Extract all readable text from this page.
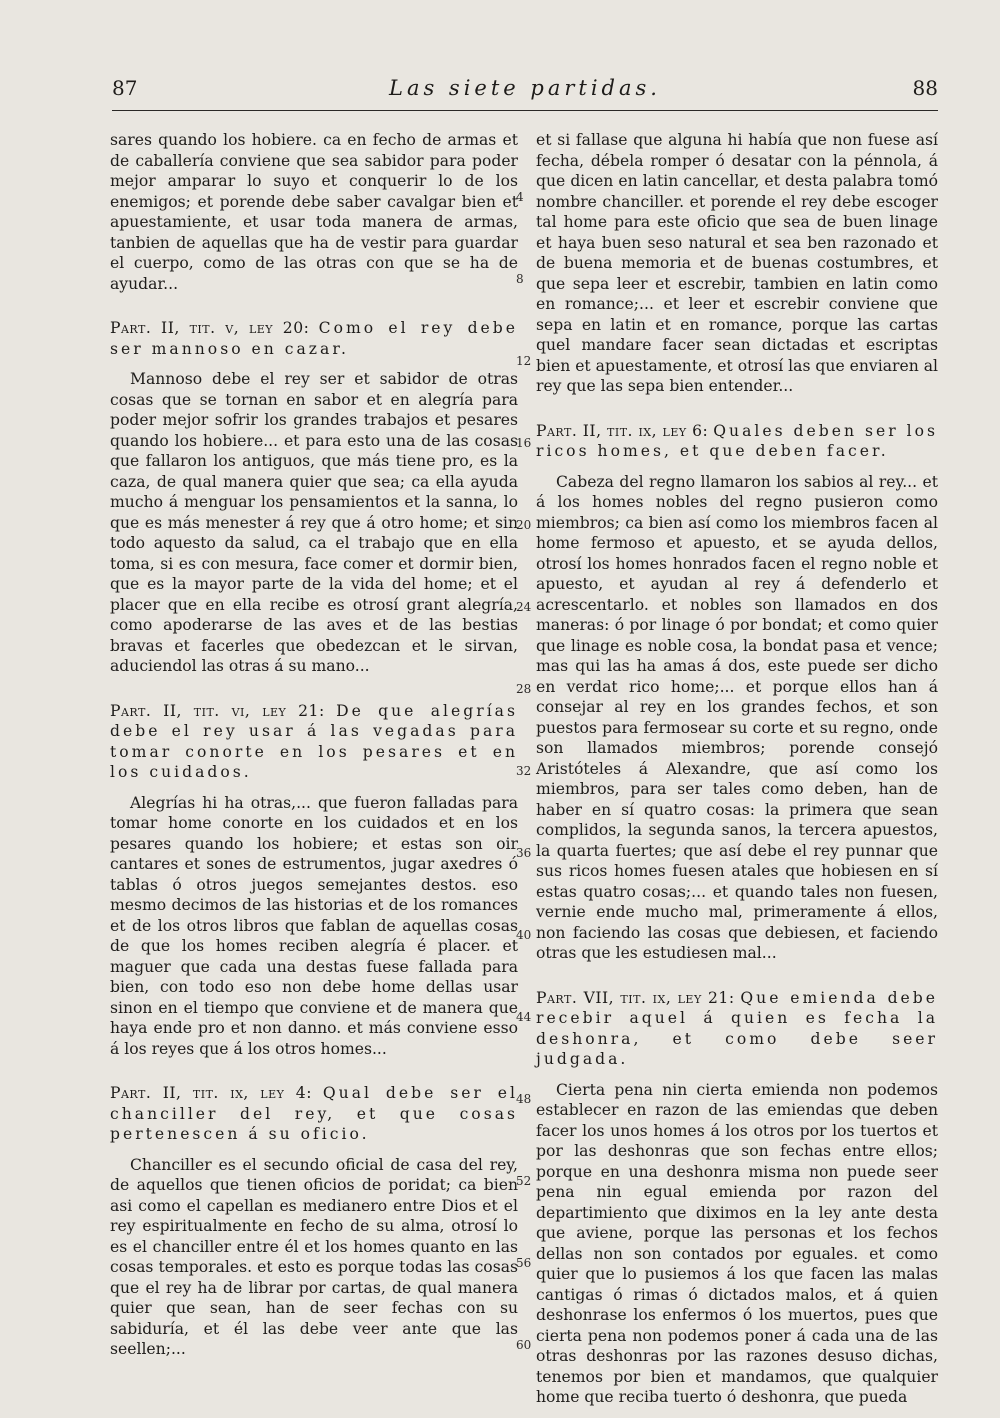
87	Las siete partidas.	88

sares quando los hobiere. ca en fecho de armas et de caballería conviene que sea sabidor para poder mejor amparar lo suyo et conquerir lo de los enemigos; et porende debe saber cavalgar bien et apuestamiente, et usar toda manera de armas, tanbien de aquellas que ha de vestir para guardar el cuerpo, como de las otras con que se ha de ayudar...

Part. II, tit. v, ley 20: Como el rey debe ser mannoso en cazar.

Mannoso debe el rey ser et sabidor de otras cosas que se tornan en sabor et en alegría para poder mejor sofrir los grandes trabajos et pesares quando los hobiere... et para esto una de las cosas que fallaron los antiguos, que más tiene pro, es la caza, de qual manera quier que sea; ca ella ayuda mucho á menguar los pensamientos et la sanna, lo que es más menester á rey que á otro home; et sin todo aquesto da salud, ca el trabajo que en ella toma, si es con mesura, face comer et dormir bien, que es la mayor parte de la vida del home; et el placer que en ella recibe es otrosí grant alegría, como apoderarse de las aves et de las bestias bravas et facerles que obedezcan et le sirvan, aduciendol las otras á su mano...

Part. II, tit. vi, ley 21: De que alegrías debe el rey usar á las vegadas para tomar conorte en los pesares et en los cuidados.

Alegrías hi ha otras,... que fueron falladas para tomar home conorte en los cuidados et en los pesares quando los hobiere; et estas son oir cantares et sones de estrumentos, jugar axedres ó tablas ó otros juegos semejantes destos. eso mesmo decimos de las historias et de los romances et de los otros libros que fablan de aquellas cosas de que los homes reciben alegría é placer. et maguer que cada una destas fuese fallada para bien, con todo eso non debe home dellas usar sinon en el tiempo que conviene et de manera que haya ende pro et non danno. et más conviene esso á los reyes que á los otros homes...

Part. II, tit. ix, ley 4: Qual debe ser el chanciller del rey, et que cosas pertenescen á su oficio.

Chanciller es el secundo oficial de casa del rey, de aquellos que tienen oficios de poridat; ca bien asi como el capellan es medianero entre Dios et el rey espiritualmente en fecho de su alma, otrosí lo es el chanciller entre él et los homes quanto en las cosas temporales. et esto es porque todas las cosas que el rey ha de librar por cartas, de qual manera quier que sean, han de seer fechas con su sabiduría, et él las debe veer ante que las seellen;...

4
8
12
16
20
24
28
32
36
40
44
48
52
56
60

et si fallase que alguna hi había que non fuese así fecha, débela romper ó desatar con la pénnola, á que dicen en latin cancellar, et desta palabra tomó nombre chanciller. et porende el rey debe escoger tal home para este oficio que sea de buen linage et haya buen seso natural et sea ben razonado et de buena memoria et de buenas costumbres, et que sepa leer et escrebir, tambien en latin como en romance;... et leer et escrebir conviene que sepa en latin et en romance, porque las cartas quel mandare facer sean dictadas et escriptas bien et apuestamente, et otrosí las que enviaren al rey que las sepa bien entender...

Part. II, tit. ix, ley 6: Quales deben ser los ricos homes, et que deben facer.

Cabeza del regno llamaron los sabios al rey... et á los homes nobles del regno pusieron como miembros; ca bien así como los miembros facen al home fermoso et apuesto, et se ayuda dellos, otrosí los homes honrados facen el regno noble et apuesto, et ayudan al rey á defenderlo et acrescentarlo. et nobles son llamados en dos maneras: ó por linage ó por bondat; et como quier que linage es noble cosa, la bondat pasa et vence; mas qui las ha amas á dos, este puede ser dicho en verdat rico home;... et porque ellos han á consejar al rey en los grandes fechos, et son puestos para fermosear su corte et su regno, onde son llamados miembros; porende consejó Aristóteles á Alexandre, que así como los miembros, para ser tales como deben, han de haber en sí quatro cosas: la primera que sean complidos, la segunda sanos, la tercera apuestos, la quarta fuertes; que así debe el rey punnar que sus ricos homes fuesen atales que hobiesen en sí estas quatro cosas;... et quando tales non fuesen, vernie ende mucho mal, primeramente á ellos, non faciendo las cosas que debiesen, et faciendo otras que les estudiesen mal...

Part. VII, tit. ix, ley 21: Que emienda debe recebir aquel á quien es fecha la deshonra, et como debe seer judgada.

Cierta pena nin cierta emienda non podemos establecer en razon de las emiendas que deben facer los unos homes á los otros por los tuertos et por las deshonras que son fechas entre ellos; porque en una deshonra misma non puede seer pena nin egual emienda por razon del departimiento que diximos en la ley ante desta que aviene, porque las personas et los fechos dellas non son contados por eguales. et como quier que lo pusiemos á los que facen las malas cantigas ó rimas ó dictados malos, et á quien deshonrase los enfermos ó los muertos, pues que cierta pena non podemos poner á cada una de las otras deshonras por las razones desuso dichas, tenemos por bien et mandamos, que qualquier home que reciba tuerto ó deshonra, que pueda
